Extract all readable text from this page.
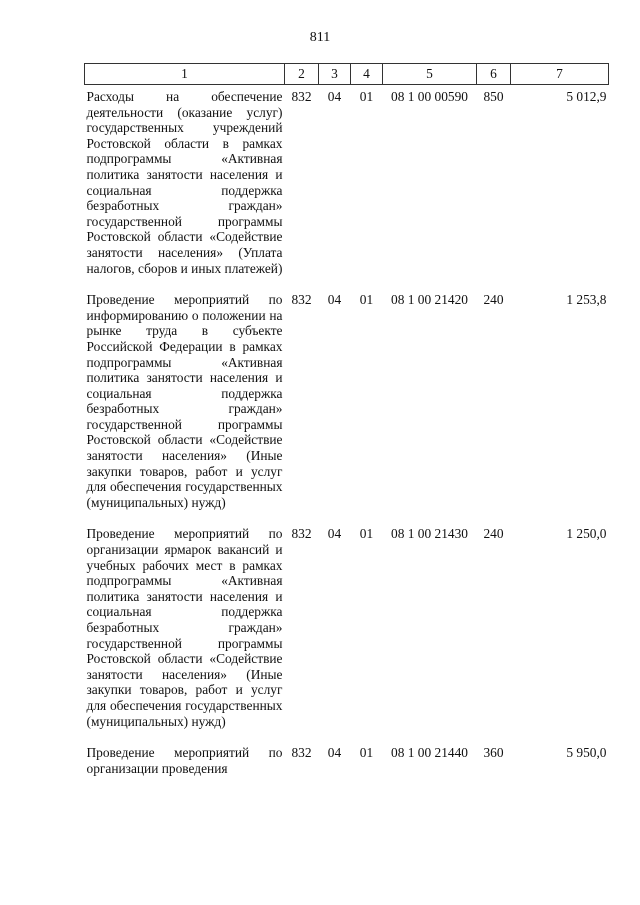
811
1	2	3	4	5	6	7
Расходы на обеспечение деятельности (оказание услуг) государственных учреждений Ростовской области в рамках подпрограммы «Активная политика занятости населения и социальная поддержка безработных граждан» государственной программы Ростовской области «Содействие занятости населения» (Уплата налогов, сборов и иных платежей)	832	04	01	08 1 00 00590	850	5 012,9
Проведение мероприятий по информированию о положении на рынке труда в субъекте Российской Федерации в рамках подпрограммы «Активная политика занятости населения и социальная поддержка безработных граждан» государственной программы Ростовской области «Содействие занятости населения» (Иные закупки товаров, работ и услуг для обеспечения государственных (муниципальных) нужд)	832	04	01	08 1 00 21420	240	1 253,8
Проведение мероприятий по организации ярмарок вакансий и учебных рабочих мест в рамках подпрограммы «Активная политика занятости населения и социальная поддержка безработных граждан» государственной программы Ростовской области «Содействие занятости населения» (Иные закупки товаров, работ и услуг для обеспечения государственных (муниципальных) нужд)	832	04	01	08 1 00 21430	240	1 250,0

Проведение мероприятий по организации проведения	832	04	01	08 1 00 21440	360	5 950,0
